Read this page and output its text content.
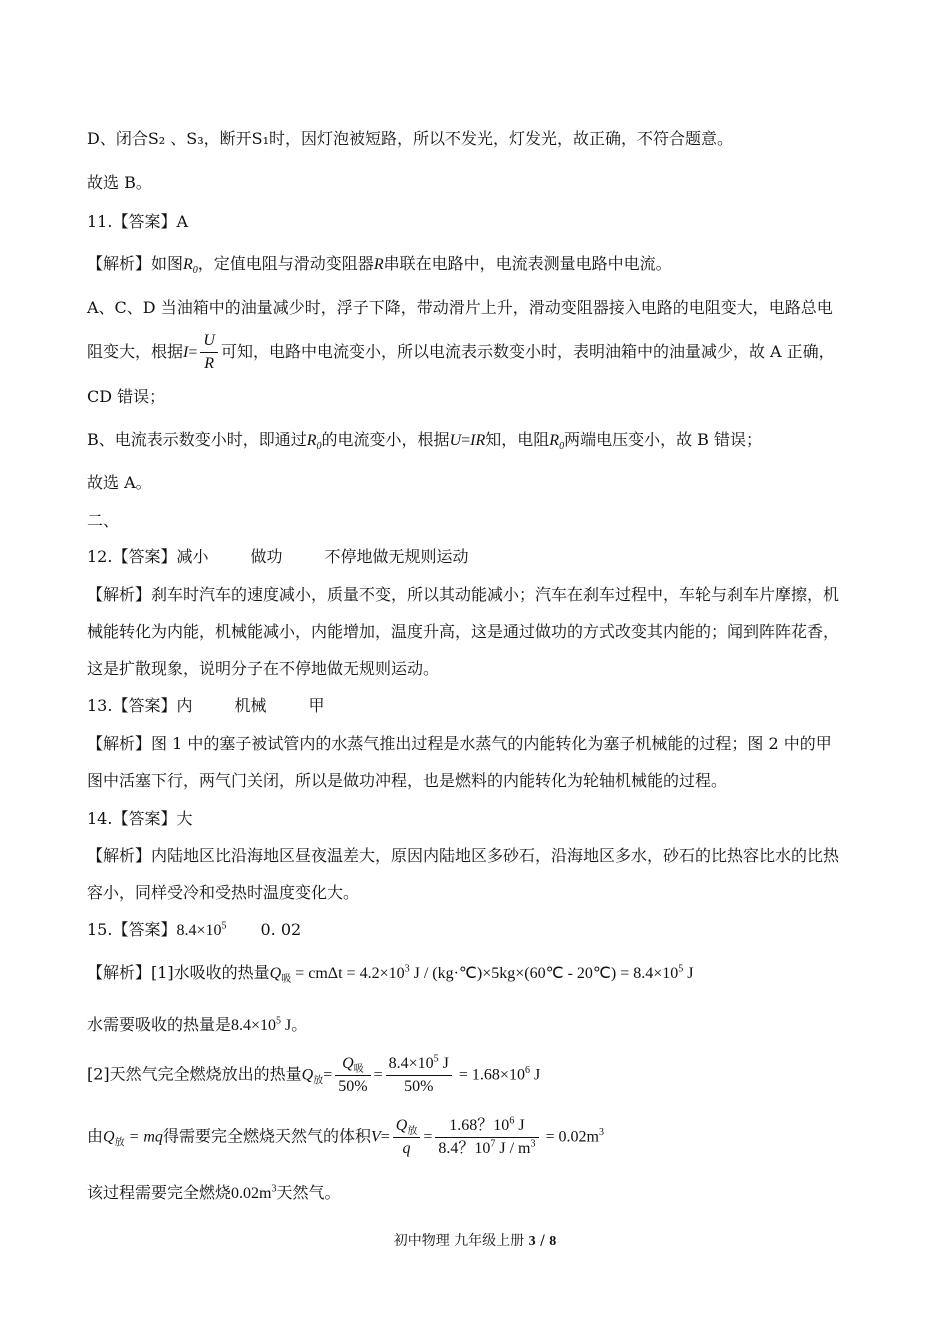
D、闭合S₂ 、S₃，断开S₁时，因灯泡被短路，所以不发光，灯发光，故正确，不符合题意。
故选 B。
11.【答案】A
【解析】如图$R_0$，定值电阻与滑动变阻器R串联在电路中，电流表测量电路中电流。
A、C、D 当油箱中的油量减少时，浮子下降，带动滑片上升，滑动变阻器接入电路的电阻变大，电路总电
阻变大，根据$I= \frac{U}{R}$ 可知，电路中电流变小，所以电流表示数变小时，表明油箱中的油量减少，故 A 正确，
CD 错误；
B、电流表示数变小时，即通过$R_0$的电流变小，根据U=IR知，电阻$R_0$两端电压变小，故 B 错误；
故选 A。
二、
12.【答案】减小	做功	不停地做无规则运动
【解析】刹车时汽车的速度减小，质量不变，所以其动能减小；汽车在刹车过程中，车轮与刹车片摩擦，机
械能转化为内能，机械能减小，内能增加，温度升高，这是通过做功的方式改变其内能的；闻到阵阵花香，
这是扩散现象，说明分子在不停地做无规则运动。
13.【答案】内	机械	甲
【解析】图 1 中的塞子被试管内的水蒸气推出过程是水蒸气的内能转化为塞子机械能的过程；图 2 中的甲
图中活塞下行，两气门关闭，所以是做功冲程，也是燃料的内能转化为轮轴机械能的过程。
14.【答案】大
【解析】内陆地区比沿海地区昼夜温差大，原因内陆地区多砂石，沿海地区多水，砂石的比热容比水的比热
容小，同样受冷和受热时温度变化大。
15.【答案】$8.4\times 10^5$ 0. 02
【解析】[1]水吸收的热量$Q_吸 = cm\Delta t = 4.2\times 10^3$ J / (kg·℃)×5kg×(60℃ - 20℃) = $8.4\times 10^5$ J
水需要吸收的热量是$8.4\times 10^5$ J。
[2]天然气完全燃烧放出的热量$Q_放= \frac{Q_吸}{50\%} = \frac{8.4\times 10^5 J}{50\%} = 1.68\times 10^6$ J
由$Q_放$ = mq得需要完全燃烧天然气的体积$V= \frac{Q_放}{q} = \frac{1.68?10^6 J}{8.4?10^7 J / m^3} = 0.02m^3$
该过程需要完全燃烧$0.02m^3$天然气。
初中物理 九年级上册 3 / 8
